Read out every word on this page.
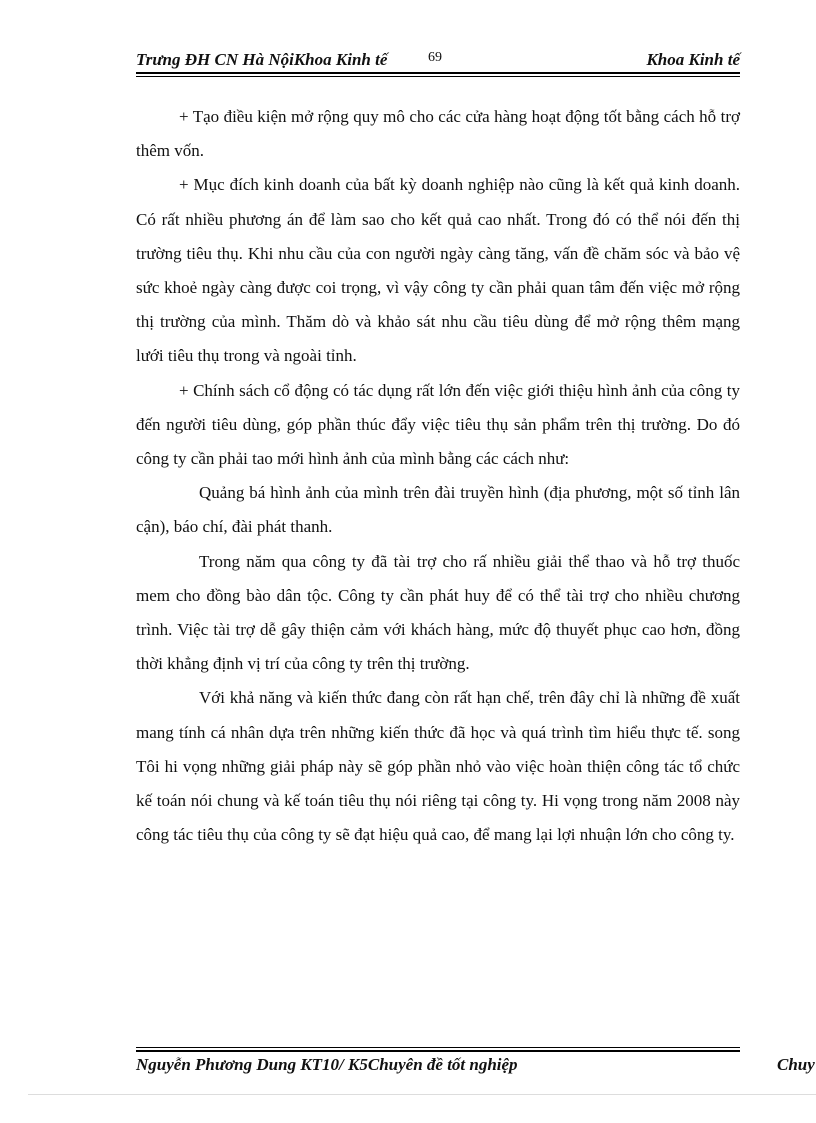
Trưng ĐH CN Hà NộiKhoa Kinh tế	69	Khoa Kinh tế

+ Tạo điều kiện mở rộng quy mô cho các cửa hàng hoạt động tốt bằng cách hỗ trợ thêm vốn.

+ Mục đích kinh doanh của bất kỳ doanh nghiệp nào cũng là kết quả kinh doanh. Có rất nhiều phương án để làm sao cho kết quả cao nhất. Trong đó có thể nói đến thị trường tiêu thụ. Khi nhu cầu của con người ngày càng tăng, vấn đề chăm sóc và bảo vệ sức khoẻ ngày càng được coi trọng, vì vậy công ty cần phải quan tâm đến việc mở rộng thị trường của mình. Thăm dò và khảo sát nhu cầu tiêu dùng để mở rộng thêm mạng lưới tiêu thụ trong và ngoài tỉnh.

+ Chính sách cổ động có tác dụng rất lớn đến việc giới thiệu hình ảnh của công ty đến người tiêu dùng, góp phần thúc đẩy việc tiêu thụ sản phẩm trên thị trường. Do đó công ty cần phải tao mới hình ảnh của mình bằng các cách như:

Quảng bá hình ảnh của mình trên đài truyền hình (địa phương, một số tỉnh lân cận), báo chí, đài phát thanh.

Trong năm qua công ty đã tài trợ cho rấ nhiều giải thể thao và hỗ trợ thuốc mem cho đồng bào dân tộc. Công ty cần phát huy để có thể tài trợ cho nhiều chương trình. Việc tài trợ dễ gây thiện cảm với khách hàng, mức độ thuyết phục cao hơn, đồng thời khẳng định vị trí của công ty trên thị trường.

Với khả năng và kiến thức đang còn rất hạn chế, trên đây chỉ là những đề xuất mang tính cá nhân dựa trên những kiến thức đã học và quá trình tìm hiểu thực tế. song Tôi hi vọng những giải pháp này sẽ góp phần nhỏ vào việc hoàn thiện công tác tổ chức kế toán nói chung và kế toán tiêu thụ nói riêng tại công ty. Hi vọng trong năm 2008 này công tác tiêu thụ của công ty sẽ đạt hiệu quả cao, để mang lại lợi nhuận lớn cho công ty.

Nguyễn Phương Dung KT10/ K5Chuyên đề tốt nghiệp	Chuy
